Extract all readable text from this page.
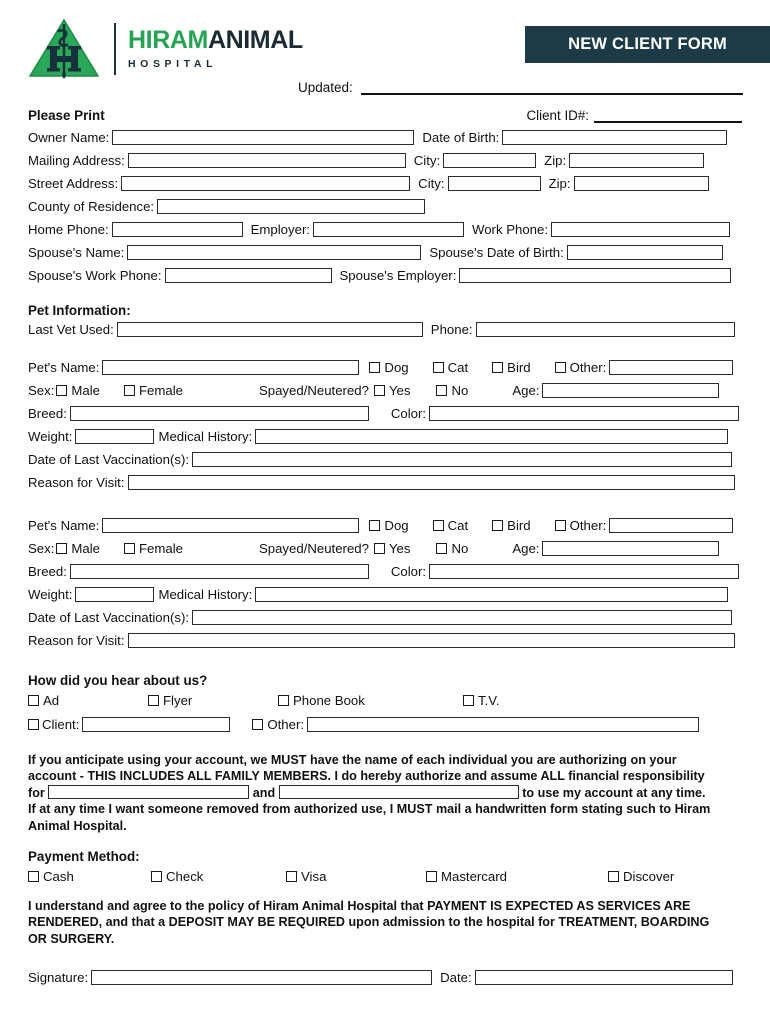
HIRAMANIMAL
HOSPITAL
NEW CLIENT FORM
Updated:
Please Print	Client ID#:
Owner Name:	Date of Birth:
Mailing Address:	City:	Zip:
Street Address:	City:	Zip:
County of Residence:
Home Phone:	Employer:	Work Phone:
Spouse's Name:	Spouse's Date of Birth:
Spouse's Work Phone:	Spouse's Employer:
Pet Information:
Last Vet Used:	Phone:
Pet's Name:	Dog	Cat	Bird	Other:
Sex: Male	Female	Spayed/Neutered? Yes	No	Age:
Breed:	Color:
Weight:	Medical History:
Date of Last Vaccination(s):
Reason for Visit:
Pet's Name:	Dog	Cat	Bird	Other:
Sex: Male	Female	Spayed/Neutered? Yes	No	Age:
Breed:	Color:
Weight:	Medical History:
Date of Last Vaccination(s):
Reason for Visit:
How did you hear about us?
Ad	Flyer	Phone Book	T.V.
Client:	Other:
If you anticipate using your account, we MUST have the name of each individual you are authorizing on your
account - THIS INCLUDES ALL FAMILY MEMBERS. I do hereby authorize and assume ALL financial responsibility
for	and	to use my account at any time.
If at any time I want someone removed from authorized use, I MUST mail a handwritten form stating such to Hiram
Animal Hospital.
Payment Method:
Cash	Check	Visa	Mastercard	Discover
I understand and agree to the policy of Hiram Animal Hospital that PAYMENT IS EXPECTED AS SERVICES ARE
RENDERED, and that a DEPOSIT MAY BE REQUIRED upon admission to the hospital for TREATMENT, BOARDING
OR SURGERY.
Signature:	Date:
